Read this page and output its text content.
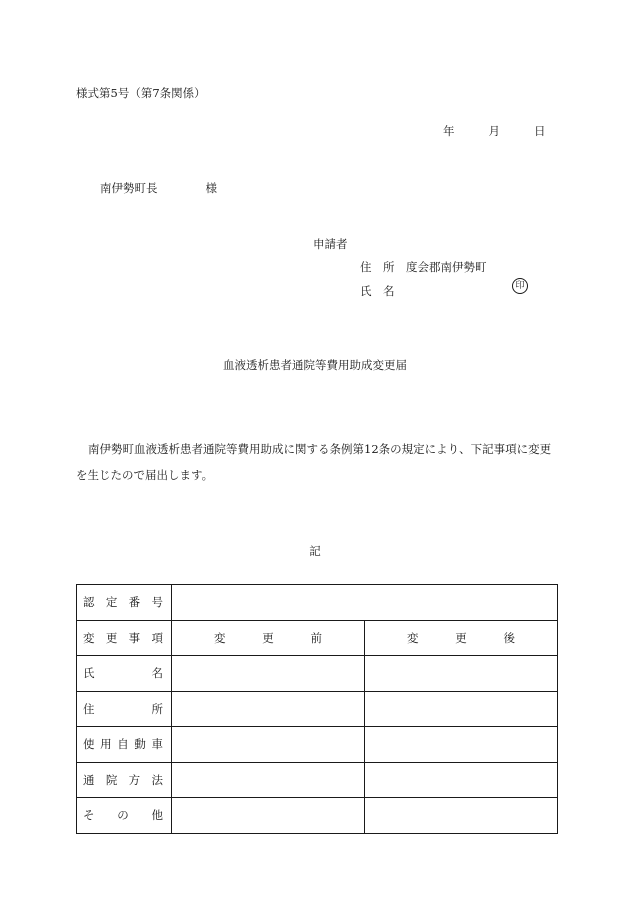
様式第5号（第7条関係）
年	月	日
南伊勢町長	様
申請者
住　所　 度会郡南伊勢町
氏　名	印
血液透析患者通院等費用助成変更届
南伊勢町血液透析患者通院等費用助成に関する条例第12条の規定により、下記事項に変更を生じたので届出します。
記
認 定 番 号		

変 更 事 項	変 更 前	変 更 後

氏 名		

住 所		

使 用 自 動 車		

通 院 方 法		

そ の 他		
